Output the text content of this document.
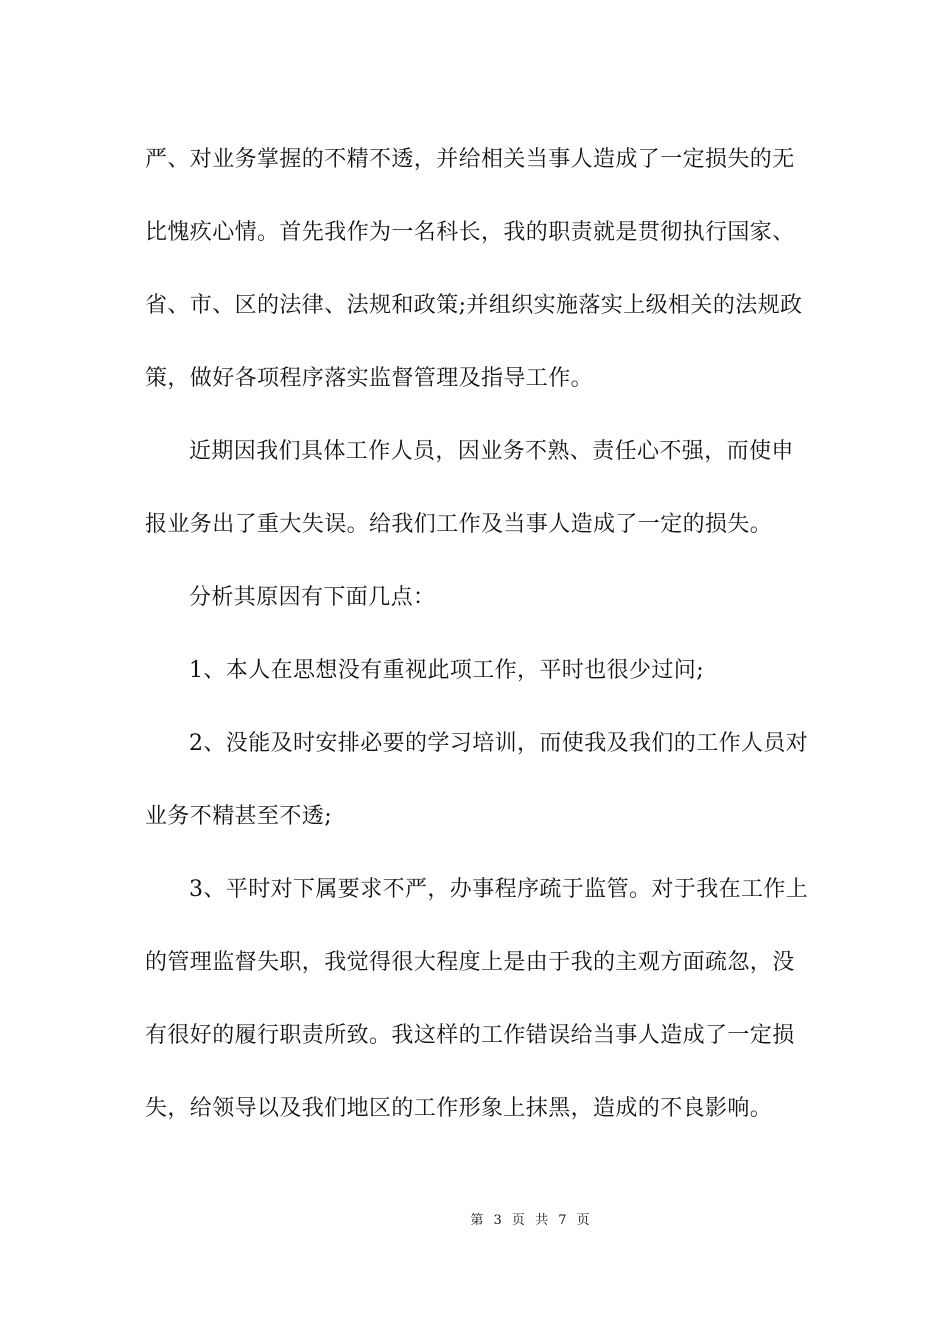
严、对业务掌握的不精不透，并给相关当事人造成了一定损失的无
比愧疚心情。首先我作为一名科长，我的职责就是贯彻执行国家、
省、市、区的法律、法规和政策;并组织实施落实上级相关的法规政
策，做好各项程序落实监督管理及指导工作。
近期因我们具体工作人员，因业务不熟、责任心不强，而使申
报业务出了重大失误。给我们工作及当事人造成了一定的损失。
分析其原因有下面几点：
1、本人在思想没有重视此项工作，平时也很少过问;
2、没能及时安排必要的学习培训，而使我及我们的工作人员对
业务不精甚至不透;
3、平时对下属要求不严，办事程序疏于监管。对于我在工作上
的管理监督失职，我觉得很大程度上是由于我的主观方面疏忽，没
有很好的履行职责所致。我这样的工作错误给当事人造成了一定损
失，给领导以及我们地区的工作形象上抹黑，造成的不良影响。
第 3 页 共 7 页
